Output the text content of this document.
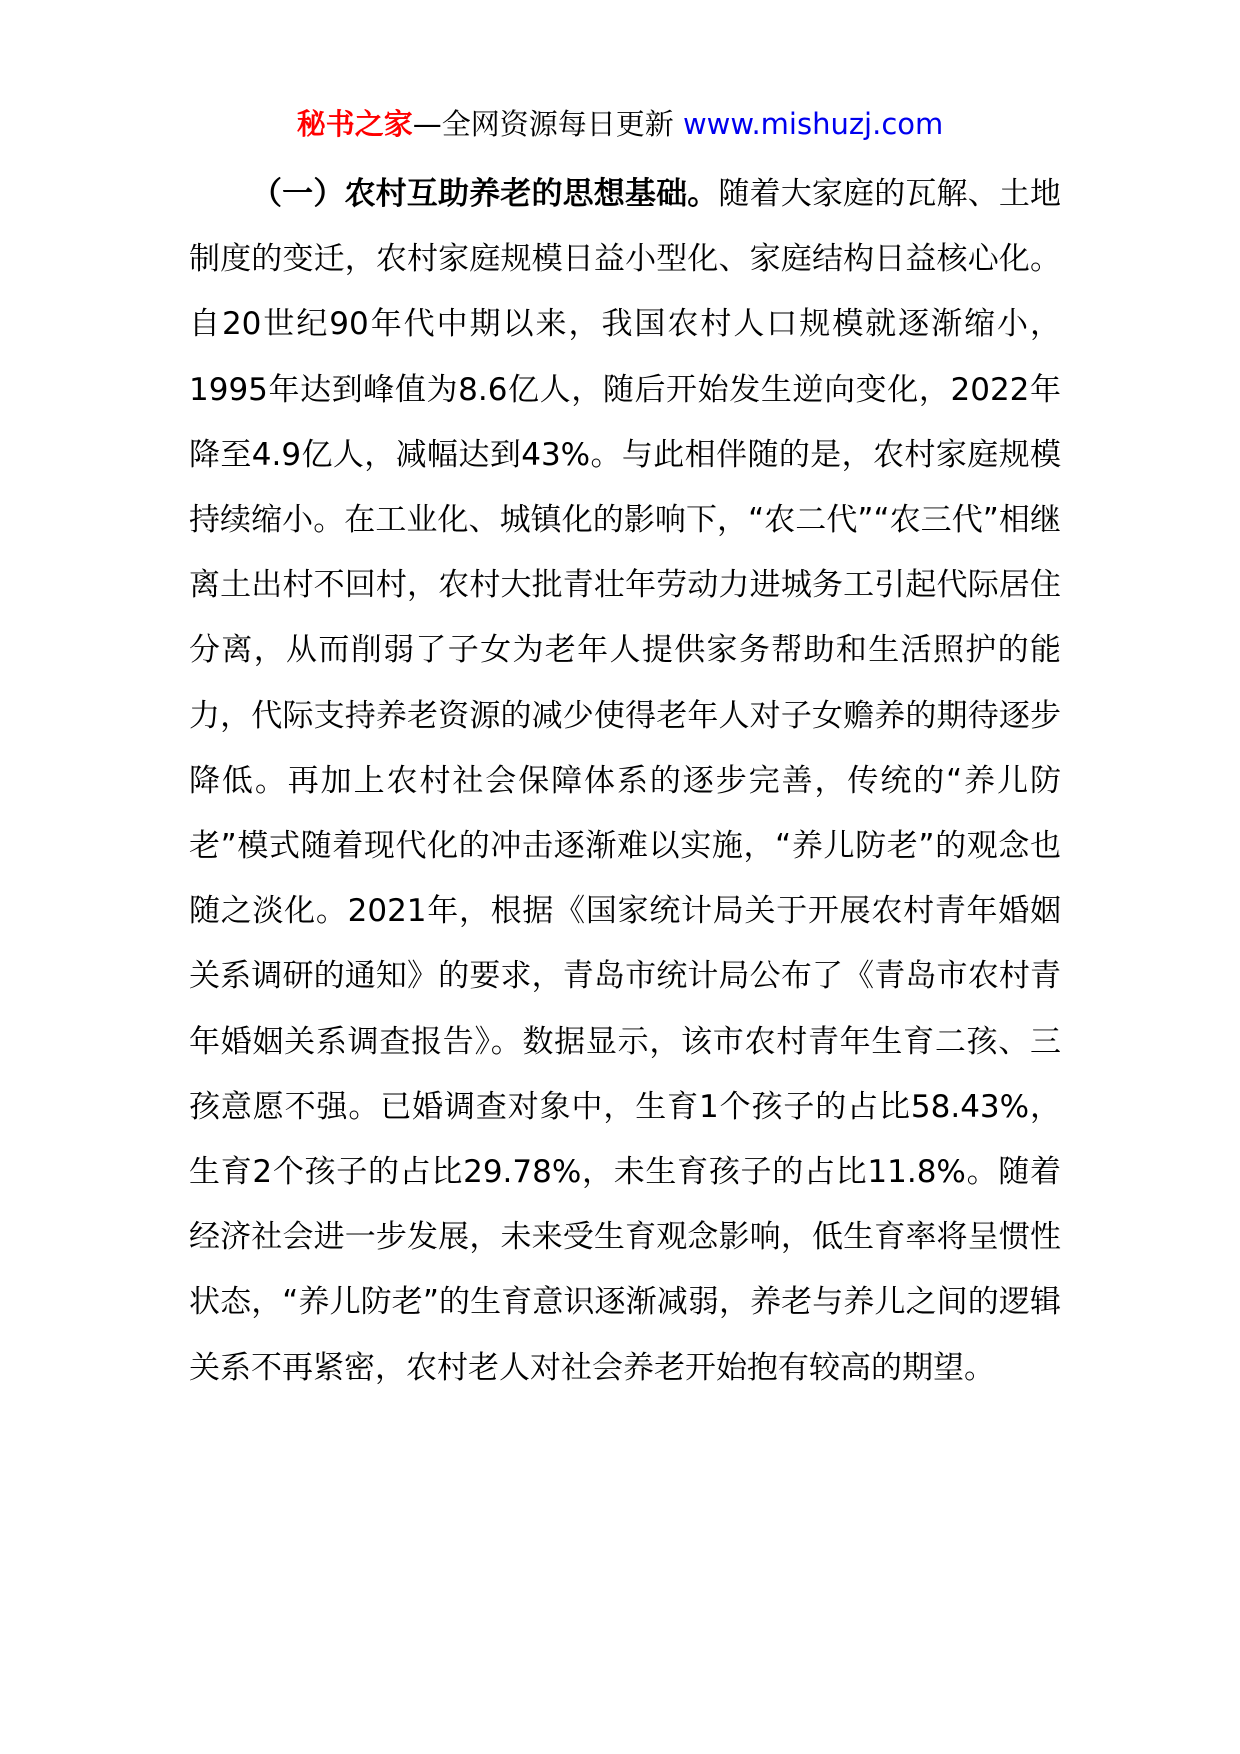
秘书之家—全网资源每日更新 www.mishuzj.com

（一）农村互助养老的思想基础。随着大家庭的瓦解、土地制度的变迁，农村家庭规模日益小型化、家庭结构日益核心化。自20世纪90年代中期以来，我国农村人口规模就逐渐缩小，1995年达到峰值为8.6亿人，随后开始发生逆向变化，2022年降至4.9亿人，减幅达到43%。与此相伴随的是，农村家庭规模持续缩小。在工业化、城镇化的影响下，“农二代”“农三代”相继离土出村不回村，农村大批青壮年劳动力进城务工引起代际居住分离，从而削弱了子女为老年人提供家务帮助和生活照护的能力，代际支持养老资源的减少使得老年人对子女赡养的期待逐步降低。再加上农村社会保障体系的逐步完善，传统的“养儿防老”模式随着现代化的冲击逐渐难以实施，“养儿防老”的观念也随之淡化。2021年，根据《国家统计局关于开展农村青年婚姻关系调研的通知》的要求，青岛市统计局公布了《青岛市农村青年婚姻关系调查报告》。数据显示，该市农村青年生育二孩、三孩意愿不强。已婚调查对象中，生育1个孩子的占比58.43%，生育2个孩子的占比29.78%，未生育孩子的占比11.8%。随着经济社会进一步发展，未来受生育观念影响，低生育率将呈惯性状态，“养儿防老”的生育意识逐渐减弱，养老与养儿之间的逻辑关系不再紧密，农村老人对社会养老开始抱有较高的期望。
